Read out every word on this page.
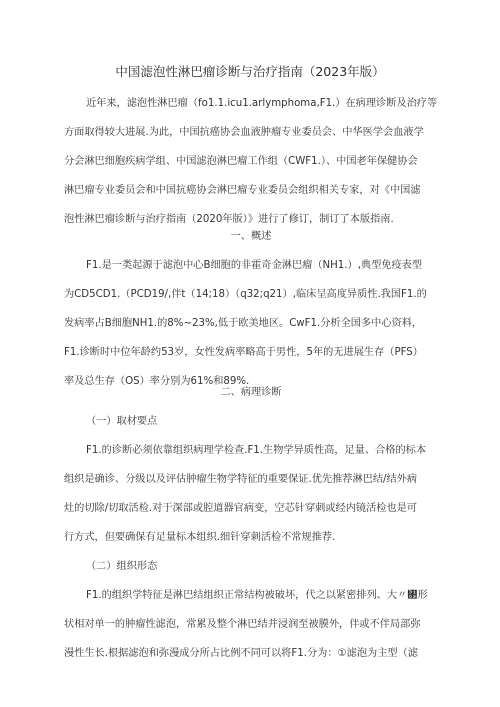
中国滤泡性淋巴瘤诊断与治疗指南（2023年版）
近年来，滤泡性淋巴瘤（fo1.1.icu1.arlymphoma,F1.）在病理诊断及治疗等
方面取得较大进展.为此，中国抗癌协会血液肿瘤专业委员会、中华医学会血液学
分会淋巴细胞疾病学组、中国滤泡淋巴瘤工作组（CWF1.）、中国老年保健协会
淋巴瘤专业委员会和中国抗癌协会淋巴瘤专业委员会组织相关专家，对《中国滤
泡性淋巴瘤诊断与治疗指南（2020年版）》进行了修订，制订了本版指南.
一、概述
F1.是一类起源于滤泡中心B细胞的非霍奇金淋巴瘤（NH1.）,典型免疫表型
为CD5CD1.（PCD19/,伴t（14;18）（q32;q21）,临床呈高度异质性.我国F1.的
发病率占B细胞NH1.的8%~23%,低于欧美地区。CwF1.分析全国多中心资料，
F1.诊断时中位年龄约53岁，女性发病率略高于男性，5年的无进展生存（PFS）
率及总生存（OS）率分别为61%和89%.
二、病理诊断
（一）取材要点
F1.的诊断必须依靠组织病理学检查.F1.生物学异质性高，足量、合格的标本
组织是确诊、分级以及评估肿瘤生物学特征的重要保证.优先推荐淋巴结/结外病
灶的切除/切取活检.对于深部或腔道器官病变，空芯针穿刺或经内镜活检也是可
行方式，但要确保有足量标本组织.细针穿刺活检不常规推荐.
（二）组织形态
F1.的组织学特征是淋巴结组织正常结构被破坏，代之以紧密排列、大〃㄃形
状相对单一的肿瘤性滤泡，常累及整个淋巴结并浸润至被膜外，伴或不伴局部弥
漫性生长.根据滤泡和弥漫成分所占比例不同可以将F1.分为：①滤泡为主型（滤
